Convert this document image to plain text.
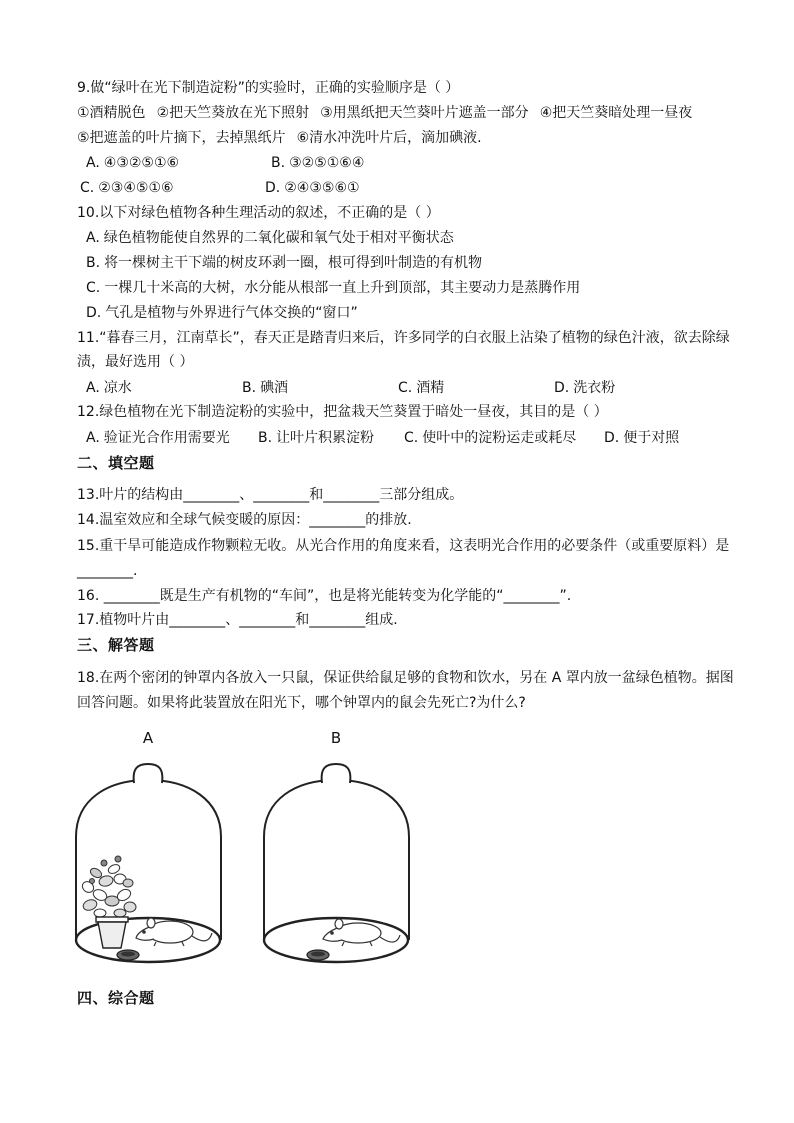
9.做“绿叶在光下制造淀粉”的实验时，正确的实验顺序是（ ）
①酒精脱色 ②把天竺葵放在光下照射 ③用黑纸把天竺葵叶片遮盖一部分 ④把天竺葵暗处理一昼夜
⑤把遮盖的叶片摘下，去掉黑纸片 ⑥清水冲洗叶片后，滴加碘液.
A. ④③②⑤①⑥	B. ③②⑤①⑥④
C. ②③④⑤①⑥	D. ②④③⑤⑥①
10.以下对绿色植物各种生理活动的叙述，不正确的是（ ）
A. 绿色植物能使自然界的二氧化碳和氧气处于相对平衡状态
B. 将一棵树主干下端的树皮环剥一圈，根可得到叶制造的有机物
C. 一棵几十米高的大树，水分能从根部一直上升到顶部，其主要动力是蒸腾作用
D. 气孔是植物与外界进行气体交换的“窗口”
11.“暮春三月，江南草长”，春天正是踏青归来后，许多同学的白衣服上沾染了植物的绿色汁液，欲去除绿
渍，最好选用（ ）
A. 凉水	B. 碘酒	C. 酒精	D. 洗衣粉
12.绿色植物在光下制造淀粉的实验中，把盆栽天竺葵置于暗处一昼夜，其目的是（ ）
A. 验证光合作用需要光 B. 让叶片积累淀粉 C. 使叶中的淀粉运走或耗尽 D. 便于对照
二、填空题
13.叶片的结构由________、________和________三部分组成。
14.温室效应和全球气候变暖的原因：________的排放.
15.重干旱可能造成作物颗粒无收。从光合作用的角度来看，这表明光合作用的必要条件（或重要原料）是
________.
16. ________既是生产有机物的“车间”，也是将光能转变为化学能的“________”.
17.植物叶片由________、________和________组成.
三、解答题
18.在两个密闭的钟罩内各放入一只鼠，保证供给鼠足够的食物和饮水，另在 A 罩内放一盆绿色植物。据图
回答问题。如果将此装置放在阳光下，哪个钟罩内的鼠会先死亡?为什么?
A	B
四、综合题
